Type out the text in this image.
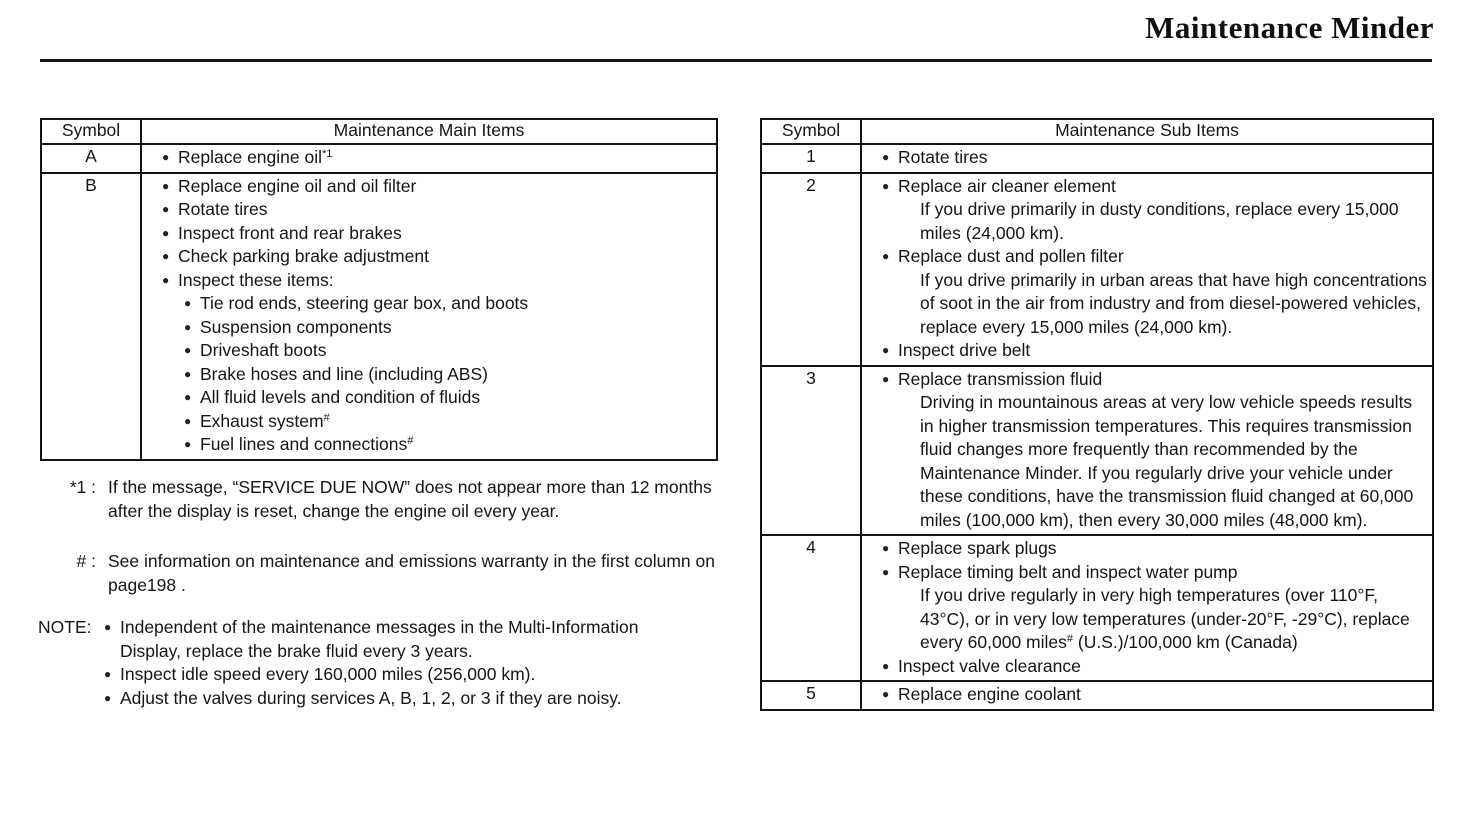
Maintenance Minder
Symbol	Maintenance Main Items
A	● Replace engine oil$^{*1}$

B	● Replace engine oil and oil filter
● Rotate tires
● Inspect front and rear brakes
● Check parking brake adjustment
● Inspect these items:
● Tie rod ends, steering gear box, and boots
● Suspension components
● Driveshaft boots
● Brake hoses and line (including ABS)
● All fluid levels and condition of fluids
● Exhaust system#
● Fuel lines and connections#
Symbol	Maintenance Sub Items
1	● Rotate tires

2	● Replace air cleaner element
If you drive primarily in dusty conditions, replace every 15,000 miles (24,000 km).
● Replace dust and pollen filter
If you drive primarily in urban areas that have high concentrations of soot in the air from industry and from diesel-powered vehicles, replace every 15,000 miles (24,000 km).
● Inspect drive belt

3	● Replace transmission fluid
Driving in mountainous areas at very low vehicle speeds results in higher transmission temperatures. This requires transmission fluid changes more frequently than recommended by the Maintenance Minder. If you regularly drive your vehicle under these conditions, have the transmission fluid changed at 60,000 miles (100,000 km), then every 30,000 miles (48,000 km).

4	● Replace spark plugs
● Replace timing belt and inspect water pump
If you drive regularly in very high temperatures (over 110°F, 43°C), or in very low temperatures (under-20°F, -29°C), replace every 60,000 miles# (U.S.)/100,000 km (Canada)
● Inspect valve clearance

5	● Replace engine coolant
*1 : If the message, “SERVICE DUE NOW” does not appear more than 12 months after the display is reset, change the engine oil every year.
# : See information on maintenance and emissions warranty in the first column on page198 .
NOTE:	● Independent of the maintenance messages in the Multi-Information Display, replace the brake fluid every 3 years.
● Inspect idle speed every 160,000 miles (256,000 km).
● Adjust the valves during services A, B, 1, 2, or 3 if they are noisy.
